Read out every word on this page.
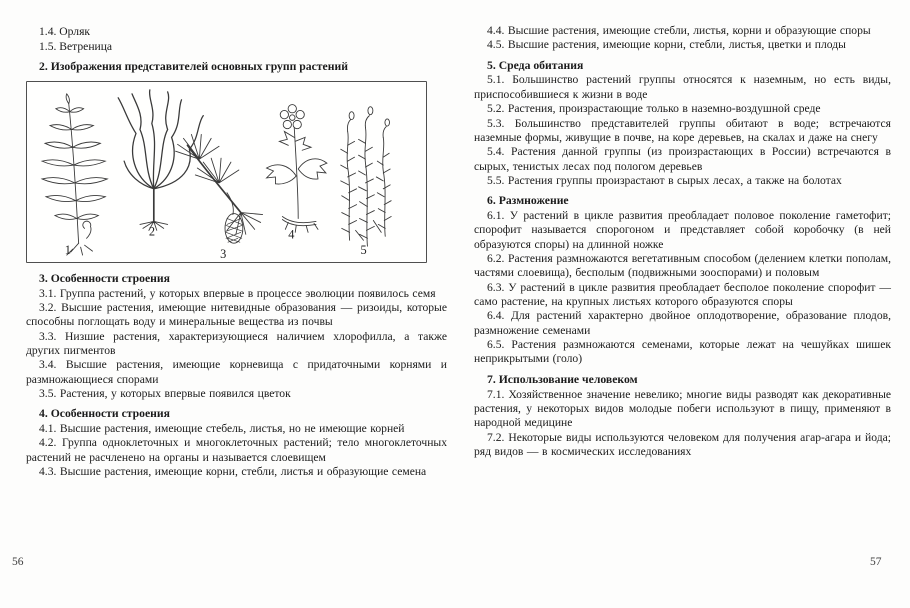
1.4. Орляк

1.5. Ветреница

2. Изображения представителей основных групп растений

1
2
3
4
5

3. Особенности строения

3.1. Группа растений, у которых впервые в процессе эволюции появилось семя

3.2. Высшие растения, имеющие нитевидные образования — ризоиды, которые способны поглощать воду и минеральные вещества из почвы

3.3. Низшие растения, характеризующиеся наличием хлорофилла, а также других пигментов

3.4. Высшие растения, имеющие корневища с придаточными корнями и размножающиеся спорами

3.5. Растения, у которых впервые появился цветок

4. Особенности строения

4.1. Высшие растения, имеющие стебель, листья, но не имеющие корней

4.2. Группа одноклеточных и многоклеточных растений; тело многоклеточных растений не расчленено на органы и называется слоевищем

4.3. Высшие растения, имеющие корни, стебли, листья и образующие семена

4.4. Высшие растения, имеющие стебли, листья, корни и образующие споры

4.5. Высшие растения, имеющие корни, стебли, листья, цветки и плоды

5. Среда обитания

5.1. Большинство растений группы относятся к наземным, но есть виды, приспособившиеся к жизни в воде

5.2. Растения, произрастающие только в наземно-воздушной среде

5.3. Большинство представителей группы обитают в воде; встречаются наземные формы, живущие в почве, на коре деревьев, на скалах и даже на снегу

5.4. Растения данной группы (из произрастающих в России) встречаются в сырых, тенистых лесах под пологом деревьев

5.5. Растения группы произрастают в сырых лесах, а также на болотах

6. Размножение

6.1. У растений в цикле развития преобладает половое поколение гаметофит; спорофит называется спорогоном и представляет собой коробочку (в ней образуются споры) на длинной ножке

6.2. Растения размножаются вегетативным способом (делением клетки пополам, частями слоевища), бесполым (подвижными зооспорами) и половым

6.3. У растений в цикле развития преобладает бесполое поколение спорофит — само растение, на крупных листьях которого образуются споры

6.4. Для растений характерно двойное оплодотворение, образование плодов, размножение семенами

6.5. Растения размножаются семенами, которые лежат на чешуйках шишек неприкрытыми (голо)

7. Использование человеком

7.1. Хозяйственное значение невелико; многие виды разводят как декоративные растения, у некоторых видов молодые побеги используют в пищу, применяют в народной медицине

7.2. Некоторые виды используются человеком для получения агар-агара и йода; ряд видов — в космических исследованиях

56	57
